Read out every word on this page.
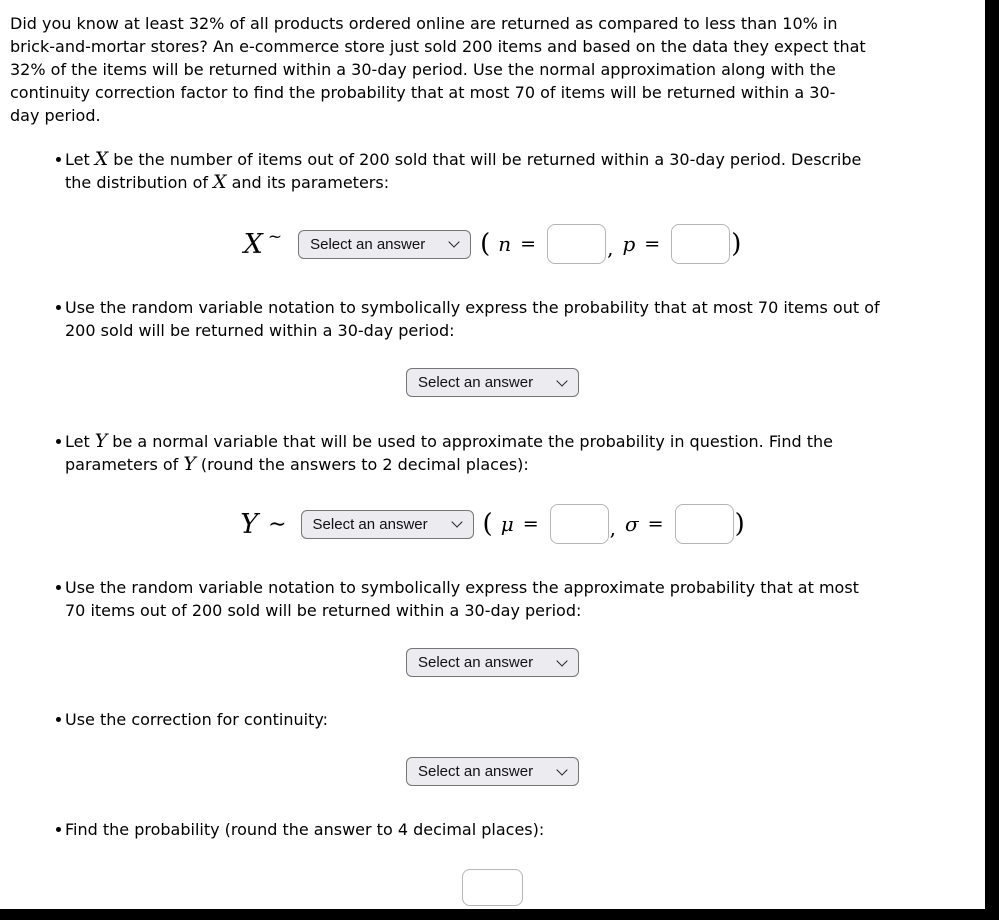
Did you know at least 32% of all products ordered online are returned as compared to less than 10% in
brick-and-mortar stores? An e-commerce store just sold 200 items and based on the data they expect that
32% of the items will be returned within a 30-day period. Use the normal approximation along with the
continuity correction factor to find the probability that at most 70 of items will be returned within a 30-
day period.
Let X be the number of items out of 200 sold that will be returned within a 30-day period. Describe
the distribution of X and its parameters:
X ~ Select an answer ( n =	, p =	)
Use the random variable notation to symbolically express the probability that at most 70 items out of
200 sold will be returned within a 30-day period:
Select an answer
Let Y be a normal variable that will be used to approximate the probability in question. Find the
parameters of Y (round the answers to 2 decimal places):
Y ∼ Select an answer ( μ =	, σ =	)
Use the random variable notation to symbolically express the approximate probability that at most
70 items out of 200 sold will be returned within a 30-day period:
Select an answer
Use the correction for continuity:
Select an answer
Find the probability (round the answer to 4 decimal places):
